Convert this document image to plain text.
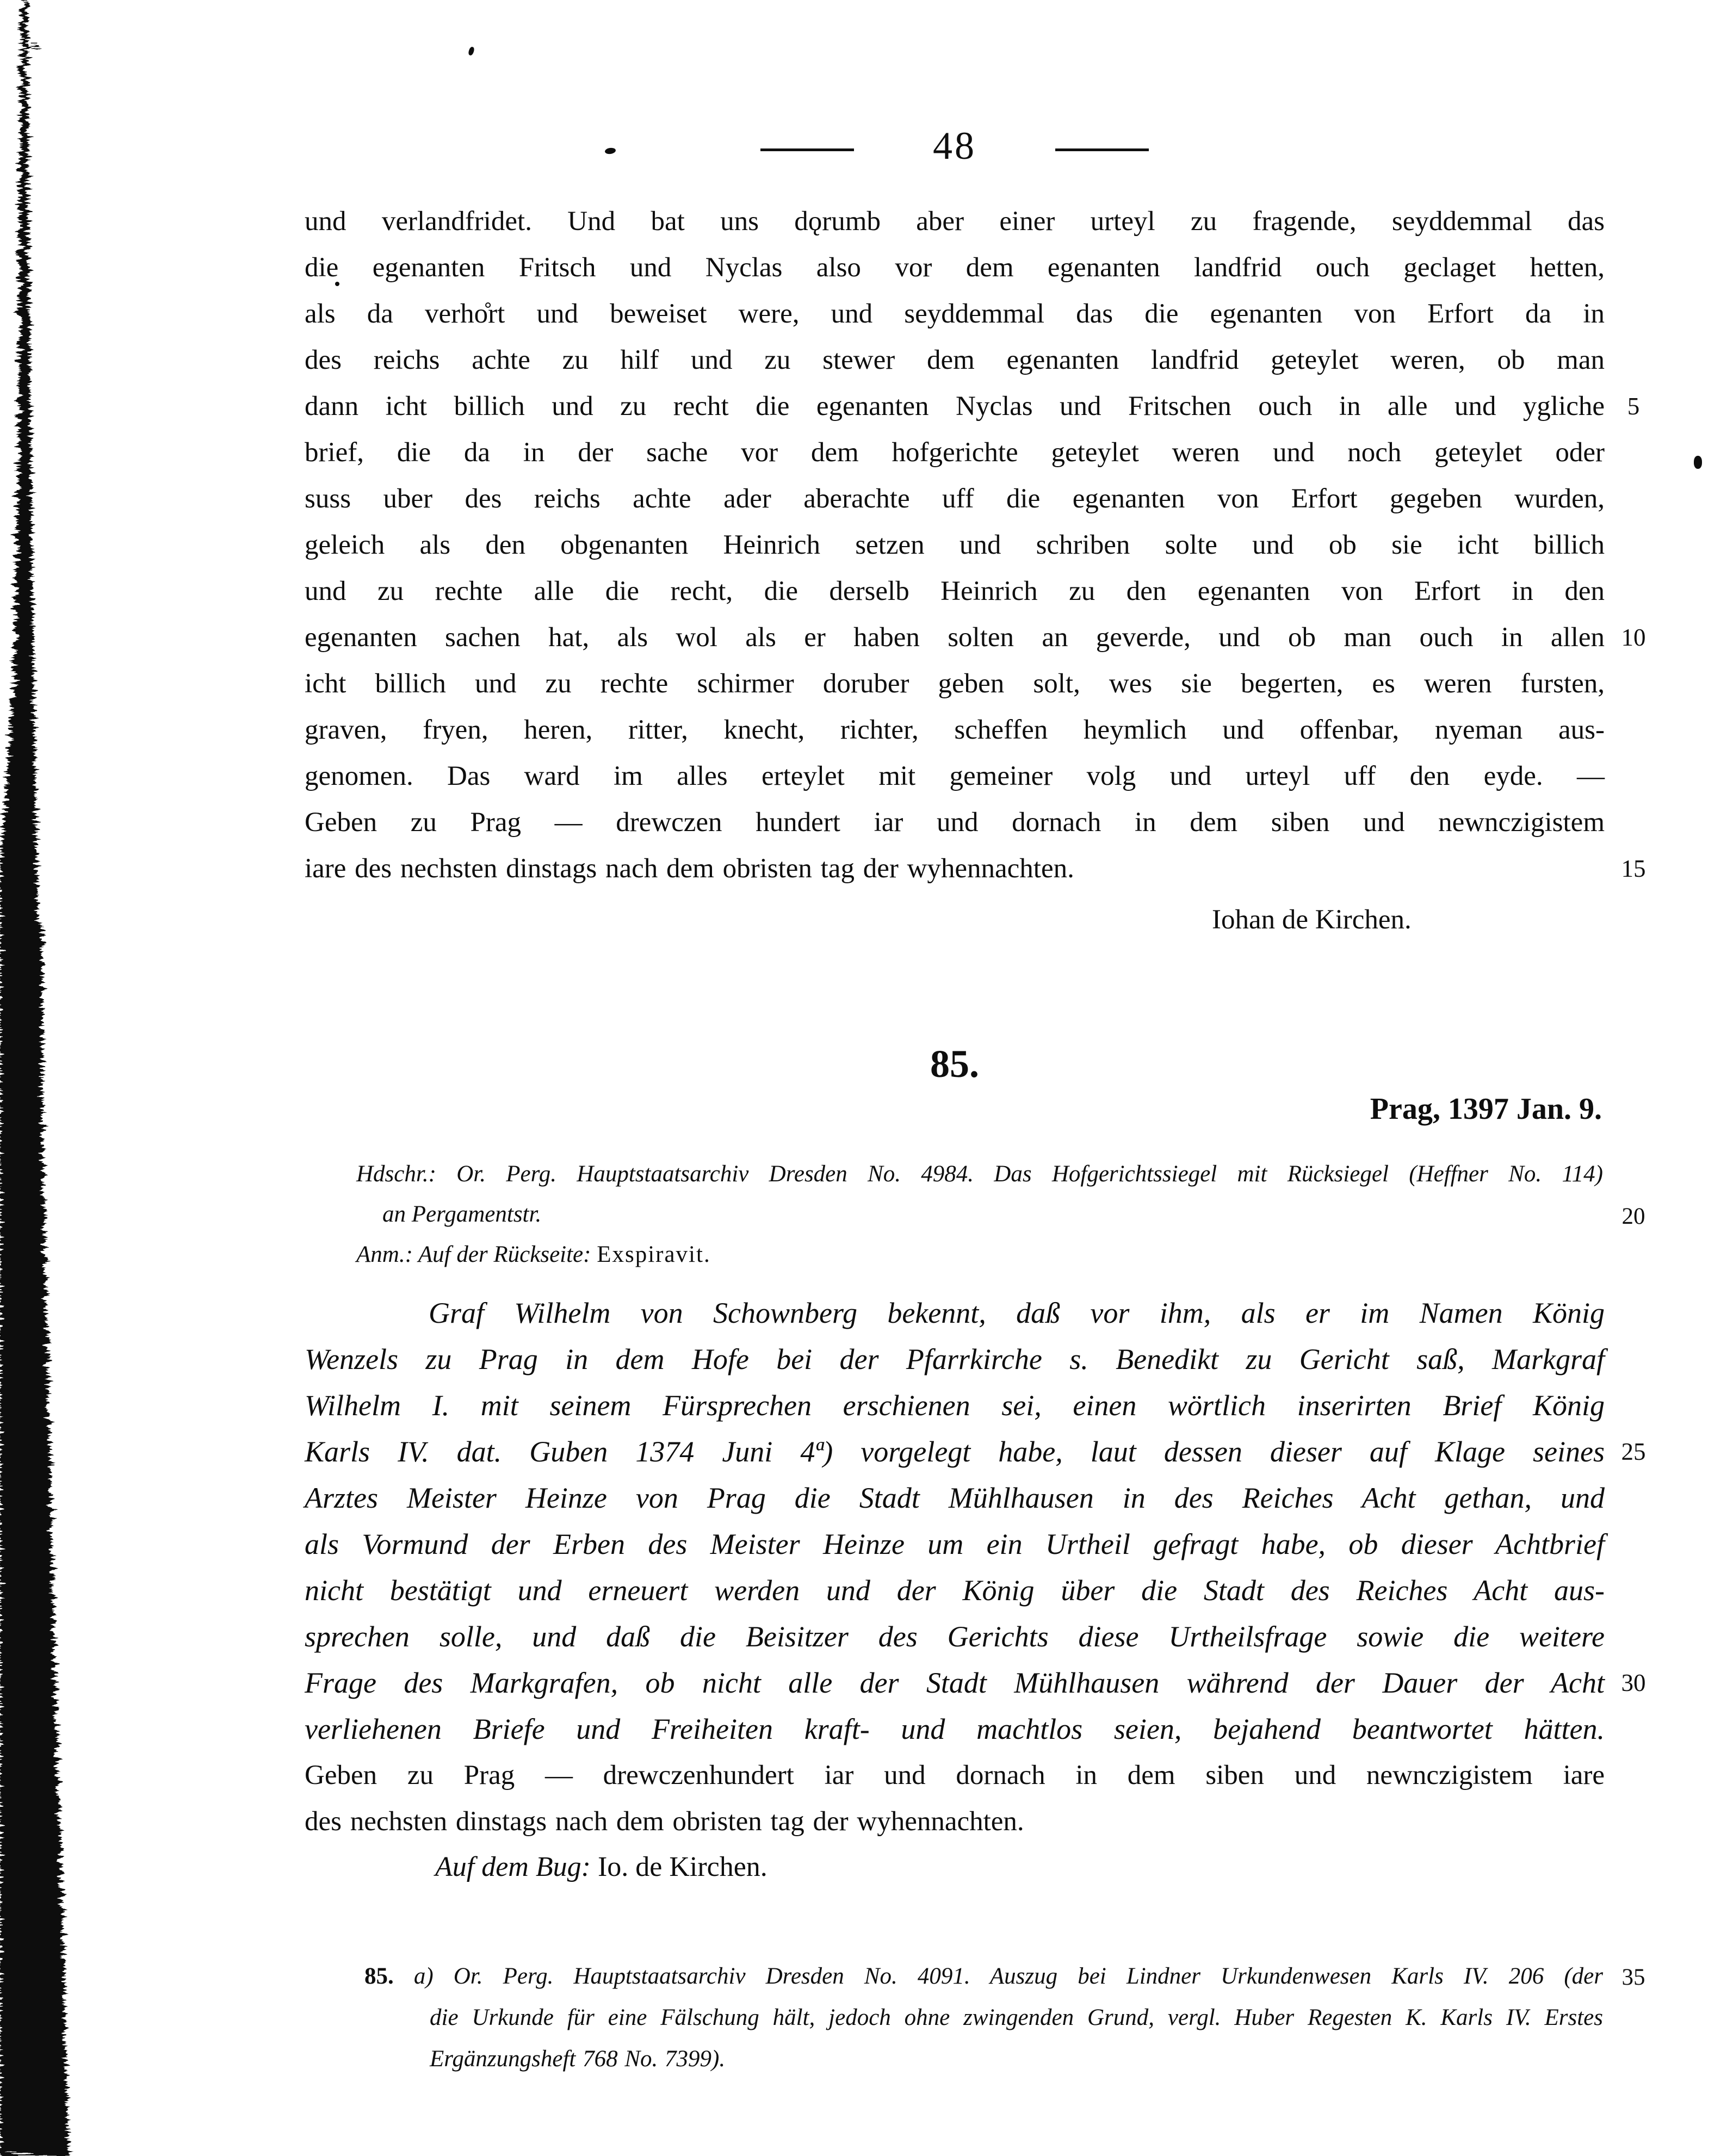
48
und verlandfridet. Und bat uns dǫrumb aber einer urteyl zu fragende, seyddemmal das
die egenanten Fritsch und Nyclas also vor dem egenanten landfrid ouch geclaget hetten,
als da verho̊rt und beweiset were, und seyddemmal das die egenanten von Erfort da in
des reichs achte zu hilf und zu stewer dem egenanten landfrid geteylet weren, ob man
dann icht billich und zu recht die egenanten Nyclas und Fritschen ouch in alle und ygliche
brief, die da in der sache vor dem hofgerichte geteylet weren und noch geteylet oder
suss uber des reichs achte ader aberachte uff die egenanten von Erfort gegeben wurden,
geleich als den obgenanten Heinrich setzen und schriben solte und ob sie icht billich
und zu rechte alle die recht, die derselb Heinrich zu den egenanten von Erfort in den
egenanten sachen hat, als wol als er haben solten an geverde, und ob man ouch in allen
icht billich und zu rechte schirmer doruber geben solt, wes sie begerten, es weren fursten,
graven, fryen, heren, ritter, knecht, richter, scheffen heymlich und offenbar, nyeman aus-
genomen. Das ward im alles erteylet mit gemeiner volg und urteyl uff den eyde. —
Geben zu Prag — drewczen hundert iar und dornach in dem siben und newnczigistem
iare des nechsten dinstags nach dem obristen tag der wyhennachten.
Iohan de Kirchen.
5
10
15
20
25
30
35
85.
Prag, 1397 Jan. 9.
Hdschr.: Or. Perg. Hauptstaatsarchiv Dresden No. 4984. Das Hofgerichtssiegel mit Rücksiegel (Heffner No. 114)
an Pergamentstr.
Anm.: Auf der Rückseite: Exspiravit.
Graf Wilhelm von Schownberg bekennt, daß vor ihm, als er im Namen König
Wenzels zu Prag in dem Hofe bei der Pfarrkirche s. Benedikt zu Gericht saß, Markgraf
Wilhelm I. mit seinem Fürsprechen erschienen sei, einen wörtlich inserirten Brief König
Karls IV. dat. Guben 1374 Juni 4ª) vorgelegt habe, laut dessen dieser auf Klage seines
Arztes Meister Heinze von Prag die Stadt Mühlhausen in des Reiches Acht gethan, und
als Vormund der Erben des Meister Heinze um ein Urtheil gefragt habe, ob dieser Achtbrief
nicht bestätigt und erneuert werden und der König über die Stadt des Reiches Acht aus-
sprechen solle, und daß die Beisitzer des Gerichts diese Urtheilsfrage sowie die weitere
Frage des Markgrafen, ob nicht alle der Stadt Mühlhausen während der Dauer der Acht
verliehenen Briefe und Freiheiten kraft- und machtlos seien, bejahend beantwortet hätten.
Geben zu Prag — drewczenhundert iar und dornach in dem siben und newnczigistem iare
des nechsten dinstags nach dem obristen tag der wyhennachten.
Auf dem Bug: Io. de Kirchen.
85. a) Or. Perg. Hauptstaatsarchiv Dresden No. 4091. Auszug bei Lindner Urkundenwesen Karls IV. 206 (der
die Urkunde für eine Fälschung hält, jedoch ohne zwingenden Grund, vergl. Huber Regesten K. Karls IV. Erstes
Ergänzungsheft 768 No. 7399).
